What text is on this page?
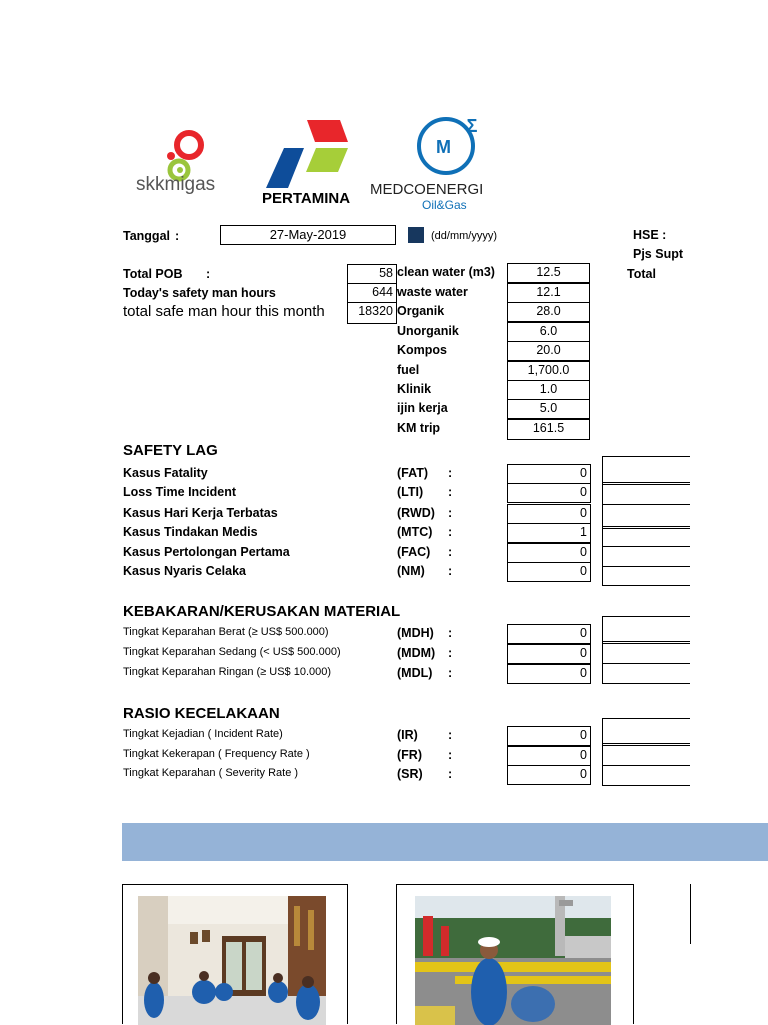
skkmigas
PERTAMINA
M
Σ
MEDCOENERGI
Oil&Gas
Tanggal :	27-May-2019	(dd/mm/yyyy)	HSE :
Pjs Supt
Total
Total POB :	58
Today's safety man hours	644
total safe man hour this month	18320
clean water (m3)	12.5
waste water	12.1
Organik	28.0
Unorganik	6.0
Kompos	20.0
fuel	1,700.0
Klinik	1.0
ijin kerja	5.0
KM trip	161.5
SAFETY LAG
KEBAKARAN/KERUSAKAN MATERIAL
RASIO KECELAKAAN
Kasus Fatality	(FAT) :	0
Loss Time Incident	(LTI) :	0
Kasus Hari Kerja Terbatas	(RWD) :	0
Kasus Tindakan Medis	(MTC) :	1
Kasus Pertolongan Pertama	(FAC) :	0
Kasus Nyaris Celaka	(NM) :	0
Tingkat Keparahan Berat (≥ US$ 500.000)	(MDH) :	0
Tingkat Keparahan Sedang (< US$ 500.000)	(MDM) :	0
Tingkat Keparahan Ringan (≥ US$ 10.000)	(MDL) :	0
Tingkat Kejadian ( Incident Rate)	(IR) :	0
Tingkat Kekerapan ( Frequency Rate )	(FR) :	0
Tingkat Keparahan ( Severity Rate )	(SR) :	0
